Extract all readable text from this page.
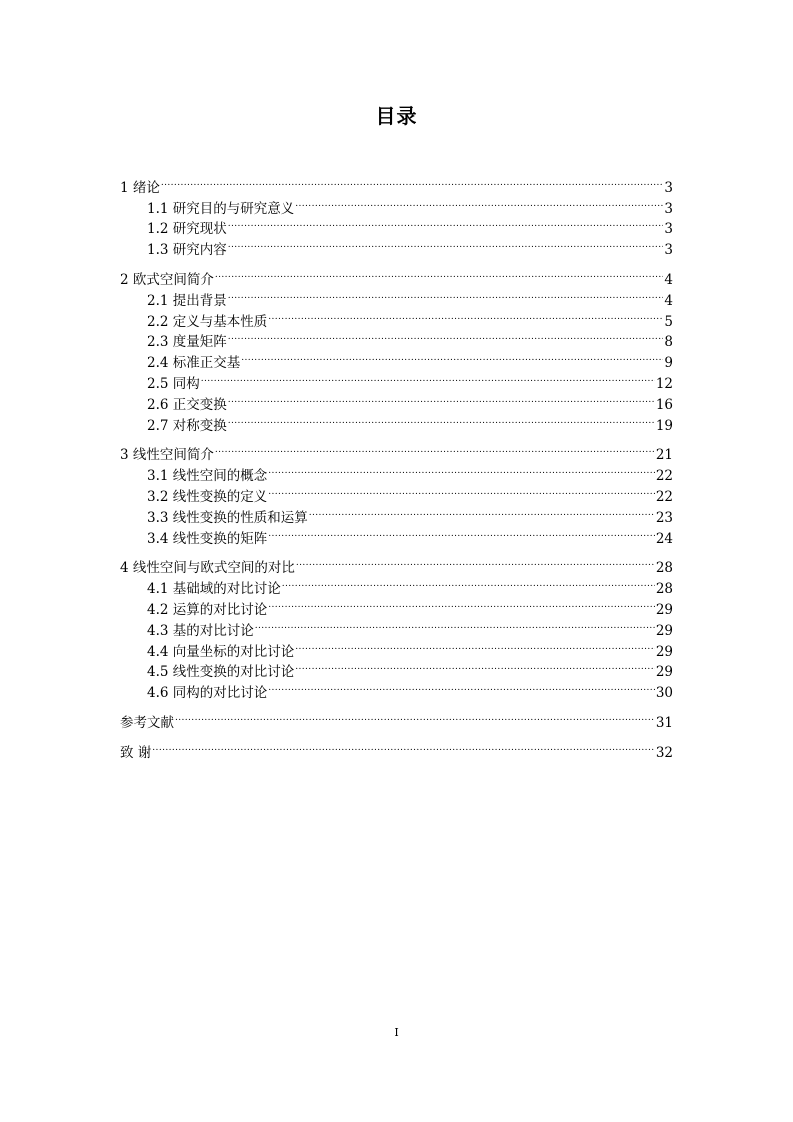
目录
1 绪论 .....	3
1.1 研究目的与研究意义 .....	3
1.2 研究现状 .....	3
1.3 研究内容 .....	3
2 欧式空间简介 .....	4
2.1 提出背景 .....	4
2.2 定义与基本性质 .....	5
2.3 度量矩阵 .....	8
2.4 标准正交基 .....	9
2.5 同构 .....	12
2.6 正交变换 .....	16
2.7 对称变换 .....	19
3 线性空间简介 .....	21
3.1 线性空间的概念 .....	22
3.2 线性变换的定义 .....	22
3.3 线性变换的性质和运算 .....	23
3.4 线性变换的矩阵 .....	24
4 线性空间与欧式空间的对比 .....	28
4.1 基础域的对比讨论 .....	28
4.2 运算的对比讨论 .....	29
4.3 基的对比讨论 .....	29
4.4 向量坐标的对比讨论 .....	29
4.5 线性变换的对比讨论 .....	29
4.6 同构的对比讨论 .....	30
参考文献 .....	31
致 谢 .....	32
I
